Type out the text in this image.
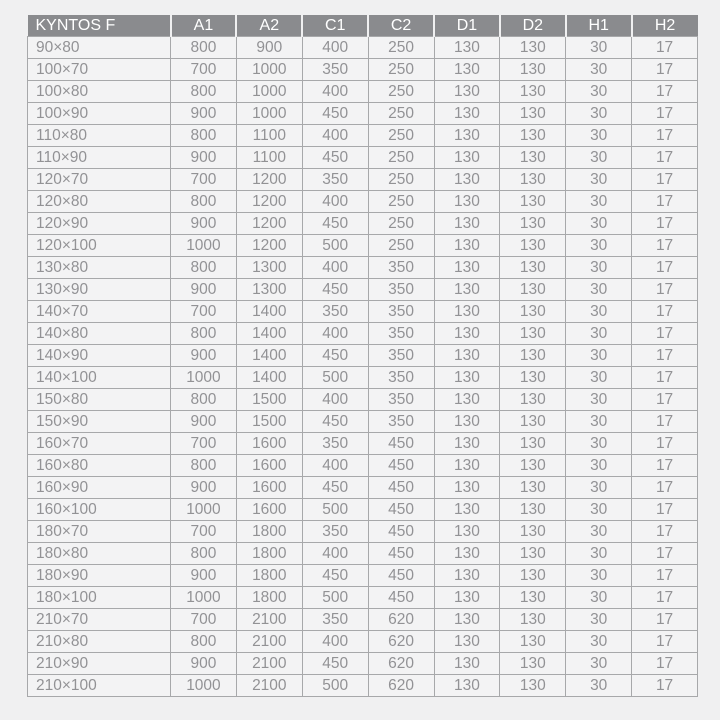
KYNTOS F	A1	A2	C1	C2	D1	D2	H1	H2
90×80	800	900	400	250	130	130	30	17
100×70	700	1000	350	250	130	130	30	17
100×80	800	1000	400	250	130	130	30	17
100×90	900	1000	450	250	130	130	30	17
110×80	800	1100	400	250	130	130	30	17
110×90	900	1100	450	250	130	130	30	17
120×70	700	1200	350	250	130	130	30	17
120×80	800	1200	400	250	130	130	30	17
120×90	900	1200	450	250	130	130	30	17
120×100	1000	1200	500	250	130	130	30	17
130×80	800	1300	400	350	130	130	30	17
130×90	900	1300	450	350	130	130	30	17
140×70	700	1400	350	350	130	130	30	17
140×80	800	1400	400	350	130	130	30	17
140×90	900	1400	450	350	130	130	30	17
140×100	1000	1400	500	350	130	130	30	17
150×80	800	1500	400	350	130	130	30	17
150×90	900	1500	450	350	130	130	30	17
160×70	700	1600	350	450	130	130	30	17
160×80	800	1600	400	450	130	130	30	17
160×90	900	1600	450	450	130	130	30	17
160×100	1000	1600	500	450	130	130	30	17
180×70	700	1800	350	450	130	130	30	17
180×80	800	1800	400	450	130	130	30	17
180×90	900	1800	450	450	130	130	30	17
180×100	1000	1800	500	450	130	130	30	17
210×70	700	2100	350	620	130	130	30	17
210×80	800	2100	400	620	130	130	30	17
210×90	900	2100	450	620	130	130	30	17
210×100	1000	2100	500	620	130	130	30	17
